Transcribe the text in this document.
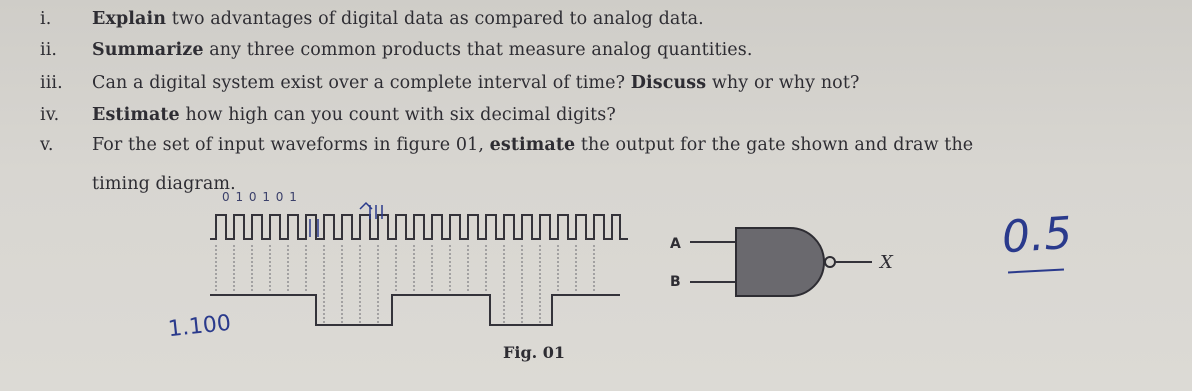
i. Explain two advantages of digital data as compared to analog data.
ii. Summarize any three common products that measure analog quantities.
iii. Can a digital system exist over a complete interval of time? Discuss why or why not?
iv. Estimate how high can you count with six decimal digits?
v. For the set of input waveforms in figure 01, estimate the output for the gate shown and draw the
timing diagram.
0 1 0 1 0 1
A
B
X
Fig. 01
1.100
0.5
